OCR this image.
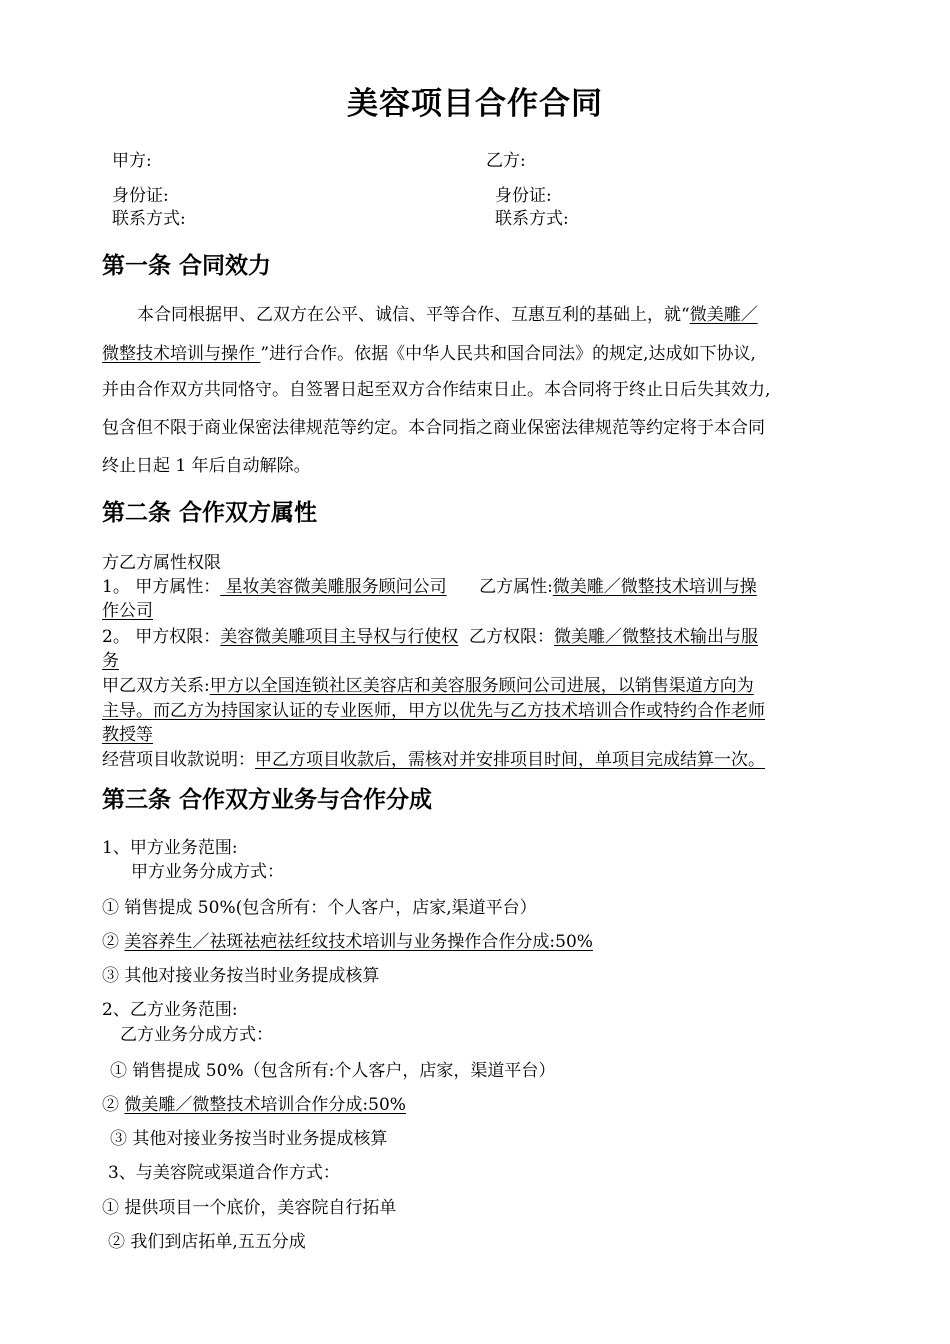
美容项目合作合同
甲方:	乙方:
身份证:	身份证:
联系方式:	联系方式:
第一条 合同效力
本合同根据甲、乙双方在公平、诚信、平等合作、互惠互利的基础上，就“微美雕／
微整技术培训与操作 ”进行合作。依据《中华人民共和国合同法》的规定,达成如下协议,
并由合作双方共同恪守。自签署日起至双方合作结束日止。本合同将于终止日后失其效力,
包含但不限于商业保密法律规范等约定。本合同指之商业保密法律规范等约定将于本合同
终止日起 1 年后自动解除。
第二条 合作双方属性
方乙方属性权限
1。 甲方属性： 星妆美容微美雕服务顾问公司      乙方属性:微美雕／微整技术培训与操
作公司
2。 甲方权限：美容微美雕项目主导权与行使权  乙方权限：微美雕／微整技术输出与服
务
甲乙双方关系:甲方以全国连锁社区美容店和美容服务顾问公司进展，以销售渠道方向为
主导。而乙方为持国家认证的专业医师，甲方以优先与乙方技术培训合作或特约合作老师
教授等
经营项目收款说明：甲乙方项目收款后，需核对并安排项目时间，单项目完成结算一次。
第三条 合作双方业务与合作分成
1、甲方业务范围:
甲方业务分成方式：
① 销售提成 50%(包含所有：个人客户，店家,渠道平台）
② 美容养生／祛斑祛疤祛纴纹技术培训与业务操作合作分成:50%
③ 其他对接业务按当时业务提成核算
2、乙方业务范围:
乙方业务分成方式：
① 销售提成 50%（包含所有:个人客户，店家，渠道平台）
② 微美雕／微整技术培训合作分成:50%
③ 其他对接业务按当时业务提成核算
3、与美容院或渠道合作方式：
① 提供项目一个底价，美容院自行拓单
② 我们到店拓单,五五分成
